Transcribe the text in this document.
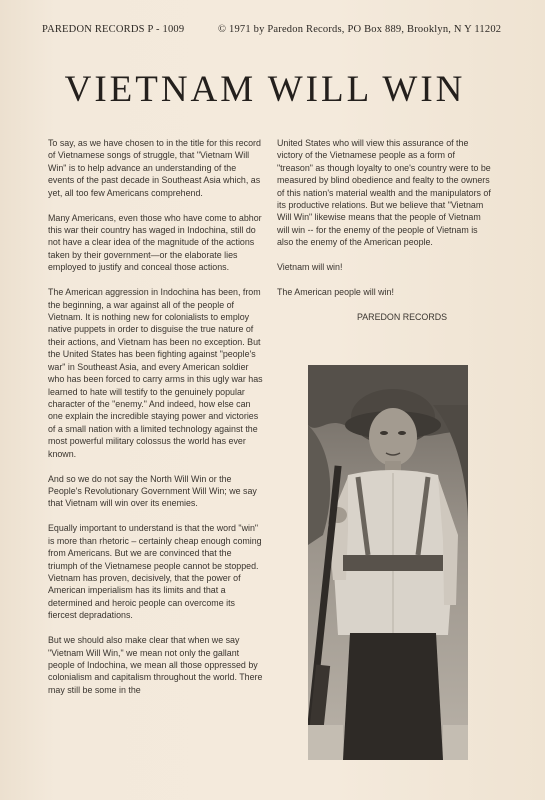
PAREDON RECORDS P - 1009	© 1971 by Paredon Records, PO Box 889, Brooklyn, N Y 11202
VIETNAM WILL WIN

To say, as we have chosen to in the title for this record of Vietnamese songs of struggle, that "Vietnam Will Win" is to help advance an understanding of the events of the past decade in Southeast Asia which, as yet, all too few Americans comprehend.

Many Americans, even those who have come to abhor this war their country has waged in Indochina, still do not have a clear idea of the magnitude of the actions taken by their government—or the elaborate lies employed to justify and conceal those actions.

The American aggression in Indochina has been, from the beginning, a war against all of the people of Vietnam. It is nothing new for colonialists to employ native puppets in order to disguise the true nature of their actions, and Vietnam has been no exception. But the United States has been fighting against "people's war" in Southeast Asia, and every American soldier who has been forced to carry arms in this ugly war has learned to hate will testify to the genuinely popular character of the "enemy." And indeed, how else can one explain the incredible staying power and victories of a small nation with a limited technology against the most powerful military colossus the world has ever known.

And so we do not say the North Will Win or the People's Revolutionary Government Will Win; we say that Vietnam will win over its enemies.

Equally important to understand is that the word "win" is more than rhetoric – certainly cheap enough coming from Americans. But we are convinced that the triumph of the Vietnamese people cannot be stopped. Vietnam has proven, decisively, that the power of American imperialism has its limits and that a determined and heroic people can overcome its fiercest depradations.

But we should also make clear that when we say "Vietnam Will Win," we mean not only the gallant people of Indochina, we mean all those oppressed by colonialism and capitalism throughout the world. There may still be some in the

United States who will view this assurance of the victory of the Vietnamese people as a form of "treason" as though loyalty to one's country were to be measured by blind obedience and fealty to the owners of this nation's material wealth and the manipulators of its productive relations. But we believe that "Vietnam Will Win" likewise means that the people of Vietnam will win -- for the enemy of the people of Vietnam is also the enemy of the American people.

Vietnam will win!

The American people will win!

PAREDON RECORDS
